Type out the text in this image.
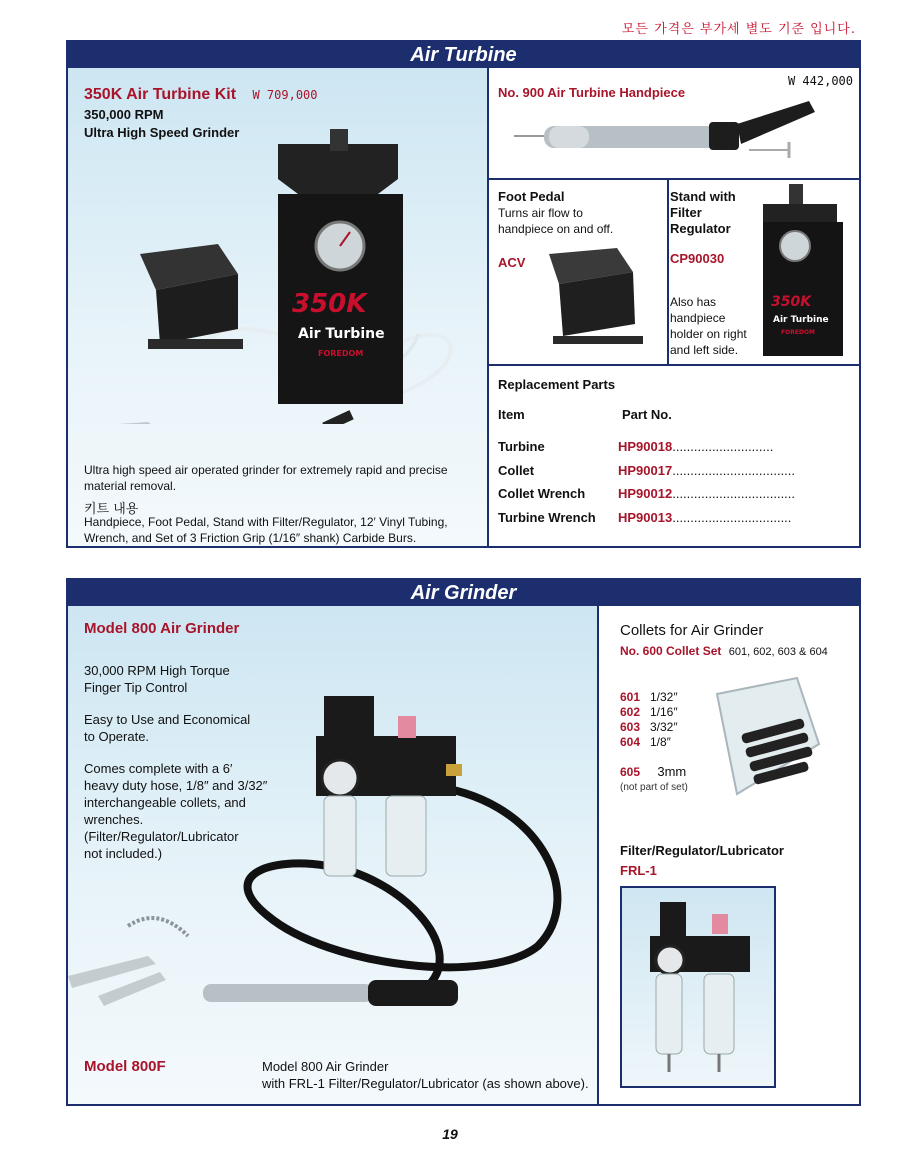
모든 가격은 부가세 별도 기준 입니다.
Air Turbine
350K Air Turbine Kit W 709,000
350,000 RPM
Ultra High Speed Grinder
350K
Air Turbine
FOREDOM
Ultra high speed air operated grinder for extremely rapid and precise material removal.
키트 내용
Handpiece, Foot Pedal, Stand with Filter/Regulator, 12′ Vinyl Tubing, Wrench, and Set of 3 Friction Grip (1/16″ shank) Carbide Burs.
W 442,000
No. 900 Air Turbine Handpiece
Foot Pedal
Turns air flow to
handpiece on and off.
ACV
Stand with
Filter
Regulator
CP90030
Also has
handpiece
holder on right
and left side.
350K
Air Turbine
FOREDOM
Replacement Parts
Item	Part No.
Turbine	HP90018............................
Collet	HP90017..................................
Collet Wrench	HP90012..................................
Turbine Wrench HP90013.................................
Air Grinder
Model 800 Air Grinder
30,000 RPM High Torque
Finger Tip Control
Easy to Use and Economical
to Operate.
Comes complete with a 6′
heavy duty hose, 1/8″ and 3/32″
interchangeable collets, and
wrenches.
(Filter/Regulator/Lubricator
not included.)
Model 800F	Model 800 Air Grinder
with FRL-1 Filter/Regulator/Lubricator (as shown above).
Collets for Air Grinder
No. 600 Collet Set 601, 602, 603 & 604
601 1/32″
602 1/16″
603 3/32″
604 1/8″
605 3mm
(not part of set)
Filter/Regulator/Lubricator
FRL-1
19
